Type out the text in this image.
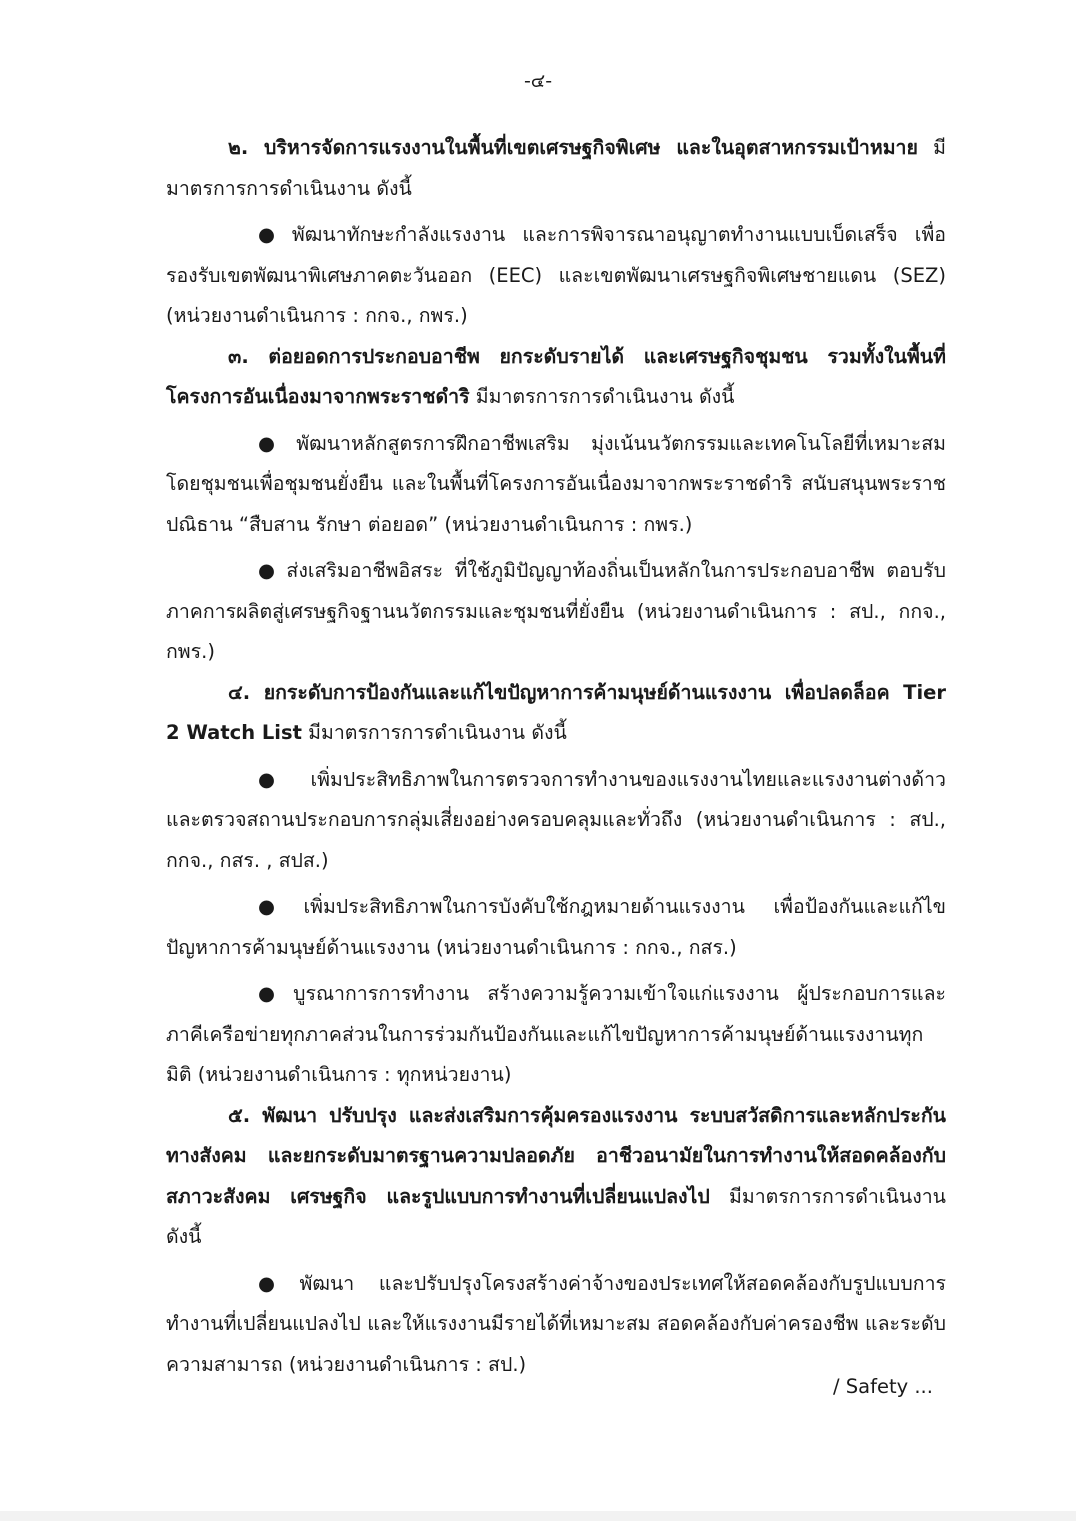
-๔-

๒. บริหารจัดการแรงงานในพื้นที่เขตเศรษฐกิจพิเศษ และในอุตสาหกรรมเป้าหมาย มีมาตรการการดำเนินงาน ดังนี้

● พัฒนาทักษะกำลังแรงงาน และการพิจารณาอนุญาตทำงานแบบเบ็ดเสร็จ เพื่อรองรับเขตพัฒนาพิเศษภาคตะวันออก (EEC) และเขตพัฒนาเศรษฐกิจพิเศษชายแดน (SEZ) (หน่วยงานดำเนินการ : กกจ., กพร.)

๓. ต่อยอดการประกอบอาชีพ ยกระดับรายได้ และเศรษฐกิจชุมชน รวมทั้งในพื้นที่โครงการอันเนื่องมาจากพระราชดำริ มีมาตรการการดำเนินงาน ดังนี้

● พัฒนาหลักสูตรการฝึกอาชีพเสริม มุ่งเน้นนวัตกรรมและเทคโนโลยีที่เหมาะสม โดยชุมชนเพื่อชุมชนยั่งยืน และในพื้นที่โครงการอันเนื่องมาจากพระราชดำริ สนับสนุนพระราชปณิธาน “สืบสาน รักษา ต่อยอด” (หน่วยงานดำเนินการ : กพร.)

● ส่งเสริมอาชีพอิสระ ที่ใช้ภูมิปัญญาท้องถิ่นเป็นหลักในการประกอบอาชีพ ตอบรับภาคการผลิตสู่เศรษฐกิจฐานนวัตกรรมและชุมชนที่ยั่งยืน (หน่วยงานดำเนินการ : สป., กกจ., กพร.)

๔. ยกระดับการป้องกันและแก้ไขปัญหาการค้ามนุษย์ด้านแรงงาน เพื่อปลดล็อค Tier 2 Watch List มีมาตรการการดำเนินงาน ดังนี้

● เพิ่มประสิทธิภาพในการตรวจการทำงานของแรงงานไทยและแรงงานต่างด้าว และตรวจสถานประกอบการกลุ่มเสี่ยงอย่างครอบคลุมและทั่วถึง (หน่วยงานดำเนินการ : สป., กกจ., กสร. , สปส.)

● เพิ่มประสิทธิภาพในการบังคับใช้กฎหมายด้านแรงงาน เพื่อป้องกันและแก้ไขปัญหาการค้ามนุษย์ด้านแรงงาน (หน่วยงานดำเนินการ : กกจ., กสร.)

● บูรณาการการทำงาน สร้างความรู้ความเข้าใจแก่แรงงาน ผู้ประกอบการและภาคีเครือข่ายทุกภาคส่วนในการร่วมกันป้องกันและแก้ไขปัญหาการค้ามนุษย์ด้านแรงงานทุกมิติ (หน่วยงานดำเนินการ : ทุกหน่วยงาน)

๕. พัฒนา ปรับปรุง และส่งเสริมการคุ้มครองแรงงาน ระบบสวัสดิการและหลักประกันทางสังคม และยกระดับมาตรฐานความปลอดภัย อาชีวอนามัยในการทำงานให้สอดคล้องกับสภาวะสังคม เศรษฐกิจ และรูปแบบการทำงานที่เปลี่ยนแปลงไป มีมาตรการการดำเนินงาน ดังนี้

● พัฒนา และปรับปรุงโครงสร้างค่าจ้างของประเทศให้สอดคล้องกับรูปแบบการทำงานที่เปลี่ยนแปลงไป และให้แรงงานมีรายได้ที่เหมาะสม สอดคล้องกับค่าครองชีพ และระดับความสามารถ (หน่วยงานดำเนินการ : สป.)

/ Safety ...
